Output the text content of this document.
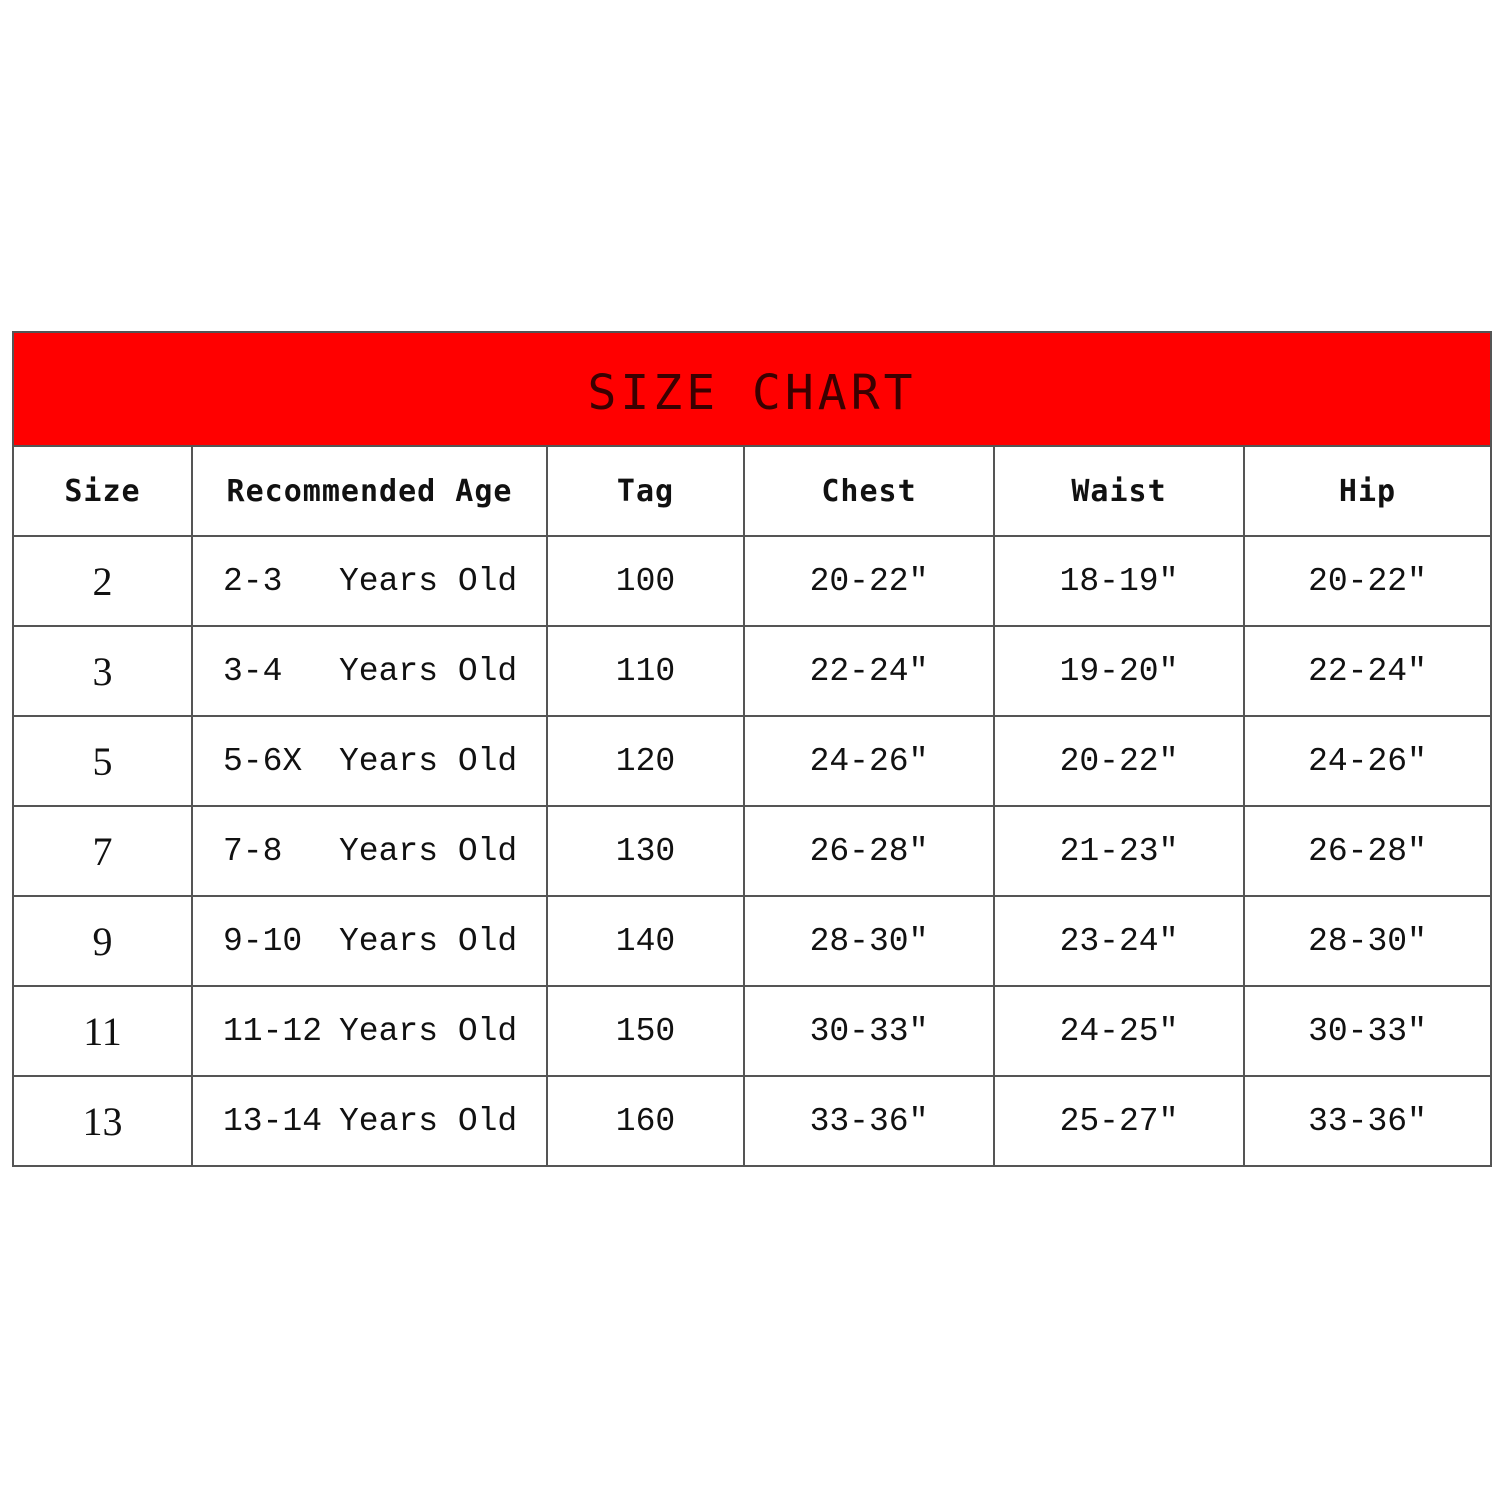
SIZE CHART
Size	Recommended Age	Tag	Chest	Waist	Hip
2	2-3 Years Old	100	20-22″	18-19″	20-22″
3	3-4 Years Old	110	22-24″	19-20″	22-24″
5	5-6X Years Old	120	24-26″	20-22″	24-26″
7	7-8 Years Old	130	26-28″	21-23″	26-28″
9	9-10 Years Old	140	28-30″	23-24″	28-30″
11	11-12 Years Old	150	30-33″	24-25″	30-33″
13	13-14 Years Old	160	33-36″	25-27″	33-36″
